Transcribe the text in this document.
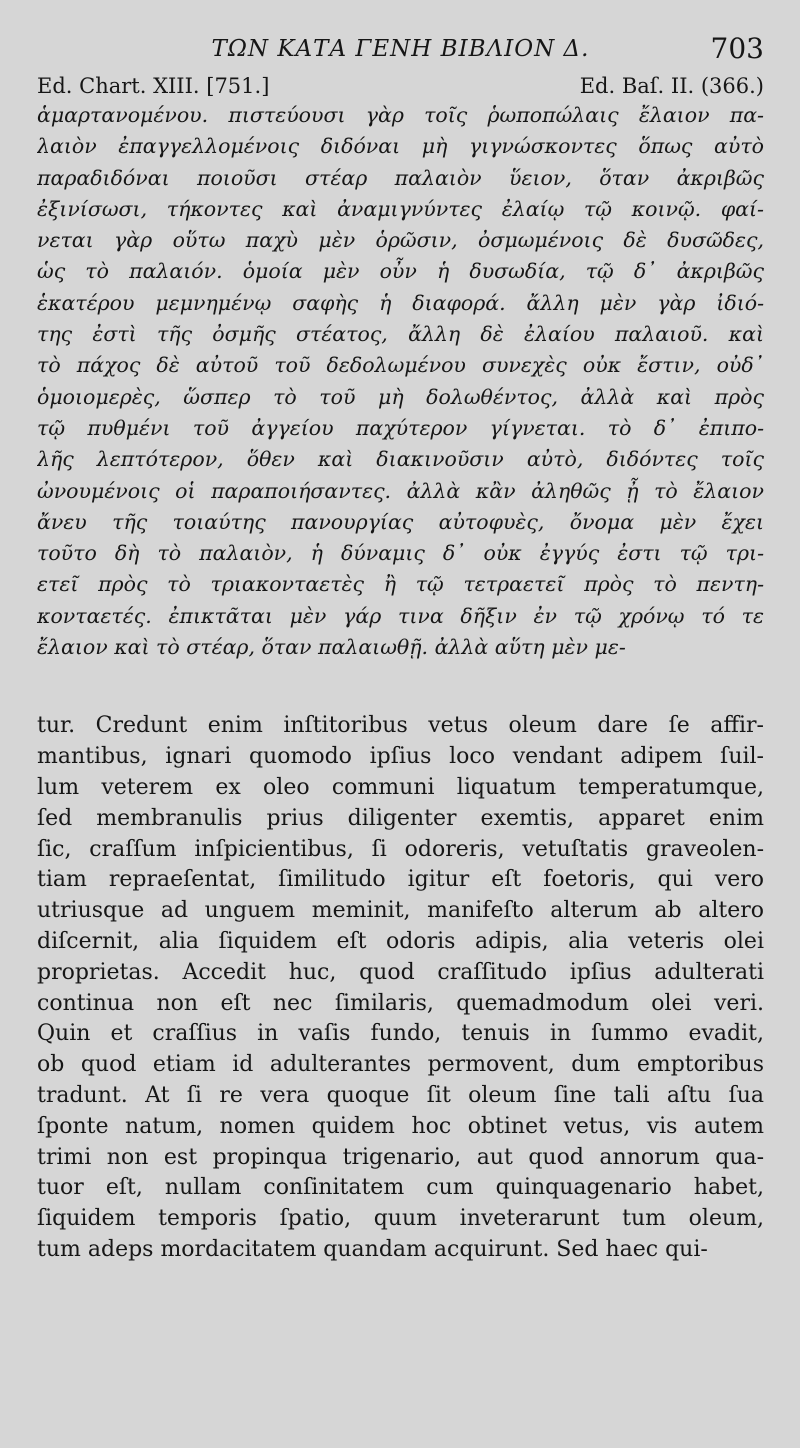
ΤΩΝ ΚΑΤΑ ΓΕΝΗ ΒΙΒΛΙΟΝ Δ.	703
Ed. Chart. XIII. [751.]	Ed. Baſ. II. (366.)
ἁμαρτανομένου. πιστεύουσι γὰρ τοῖς ῥωποπώλαις ἔλαιον πα-
λαιὸν ἐπαγγελλομένοις διδόναι μὴ γιγνώσκοντες ὅπως αὐτὸ
παραδιδόναι ποιοῦσι στέαρ παλαιὸν ὕειον, ὅταν ἀκριβῶς
ἐξινίσωσι, τήκοντες καὶ ἀναμιγνύντες ἐλαίῳ τῷ κοινῷ. φαί-
νεται γὰρ οὕτω παχὺ μὲν ὁρῶσιν, ὀσμωμένοις δὲ δυσῶδες,
ὡς τὸ παλαιόν. ὁμοία μὲν οὖν ἡ δυσωδία, τῷ δ᾽ ἀκριβῶς
ἑκατέρου μεμνημένῳ σαφὴς ἡ διαφορά. ἄλλη μὲν γὰρ ἰδιό-
της ἐστὶ τῆς ὀσμῆς στέατος, ἄλλη δὲ ἐλαίου παλαιοῦ. καὶ
τὸ πάχος δὲ αὐτοῦ τοῦ δεδολωμένου συνεχὲς οὐκ ἔστιν, οὐδ᾽
ὁμοιομερὲς, ὥσπερ τὸ τοῦ μὴ δολωθέντος, ἀλλὰ καὶ πρὸς
τῷ πυθμένι τοῦ ἀγγείου παχύτερον γίγνεται. τὸ δ᾽ ἐπιπο-
λῆς λεπτότερον, ὅθεν καὶ διακινοῦσιν αὐτὸ, διδόντες τοῖς
ὠνουμένοις οἱ παραποιήσαντες. ἀλλὰ κἂν ἀληθῶς ᾖ τὸ ἔλαιον
ἄνευ τῆς τοιαύτης πανουργίας αὐτοφυὲς, ὄνομα μὲν ἔχει
τοῦτο δὴ τὸ παλαιὸν, ἡ δύναμις δ᾽ οὐκ ἐγγύς ἐστι τῷ τρι-
ετεῖ πρὸς τὸ τριακονταετὲς ἢ τῷ τετραετεῖ πρὸς τὸ πεντη-
κονταετές. ἐπικτᾶται μὲν γάρ τινα δῆξιν ἐν τῷ χρόνῳ τό τε
ἔλαιον καὶ τὸ στέαρ, ὅταν παλαιωθῇ. ἀλλὰ αὕτη μὲν με-
tur. Credunt enim inſtitoribus vetus oleum dare ſe affir-
mantibus, ignari quomodo ipſius loco vendant adipem ſuil-
lum veterem ex oleo communi liquatum temperatumque,
ſed membranulis prius diligenter exemtis, apparet enim
ſic, craſſum inſpicientibus, ſi odoreris, vetuſtatis graveolen-
tiam repraeſentat, ſimilitudo igitur eſt foetoris, qui vero
utriusque ad unguem meminit, manifeſto alterum ab altero
diſcernit, alia ſiquidem eſt odoris adipis, alia veteris olei
proprietas. Accedit huc, quod craſſitudo ipſius adulterati
continua non eſt nec ſimilaris, quemadmodum olei veri.
Quin et craſſius in vaſis fundo, tenuis in ſummo evadit,
ob quod etiam id adulterantes permovent, dum emptoribus
tradunt. At ſi re vera quoque ſit oleum ſine tali aſtu ſua
ſponte natum, nomen quidem hoc obtinet vetus, vis autem
trimi non est propinqua trigenario, aut quod annorum qua-
tuor eſt, nullam conſinitatem cum quinquagenario habet,
ſiquidem temporis ſpatio, quum inveterarunt tum oleum,
tum adeps mordacitatem quandam acquirunt. Sed haec qui-
